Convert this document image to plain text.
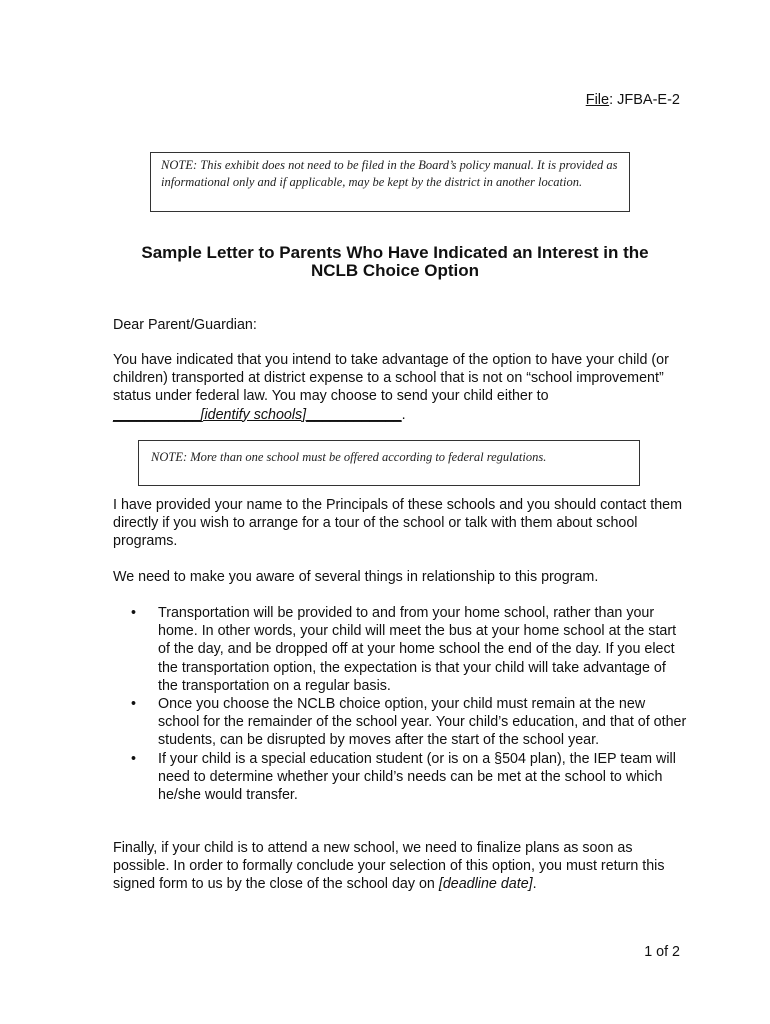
File: JFBA-E-2
NOTE: This exhibit does not need to be filed in the Board’s policy manual. It is provided as informational only and if applicable, may be kept by the district in another location.
Sample Letter to Parents Who Have Indicated an Interest in the
NCLB Choice Option
Dear Parent/Guardian:
You have indicated that you intend to take advantage of the option to have your child (or children) transported at district expense to a school that is not on “school improvement” status under federal law. You may choose to send your child either to ___________[identify schools]____________.
NOTE: More than one school must be offered according to federal regulations.
I have provided your name to the Principals of these schools and you should contact them directly if you wish to arrange for a tour of the school or talk with them about school programs.
We need to make you aware of several things in relationship to this program.
• Transportation will be provided to and from your home school, rather than your home. In other words, your child will meet the bus at your home school at the start of the day, and be dropped off at your home school the end of the day. If you elect the transportation option, the expectation is that your child will take advantage of the transportation on a regular basis.
• Once you choose the NCLB choice option, your child must remain at the new school for the remainder of the school year. Your child’s education, and that of other students, can be disrupted by moves after the start of the school year.
• If your child is a special education student (or is on a §504 plan), the IEP team will need to determine whether your child’s needs can be met at the school to which he/she would transfer.
Finally, if your child is to attend a new school, we need to finalize plans as soon as possible. In order to formally conclude your selection of this option, you must return this signed form to us by the close of the school day on [deadline date].
1 of 2
